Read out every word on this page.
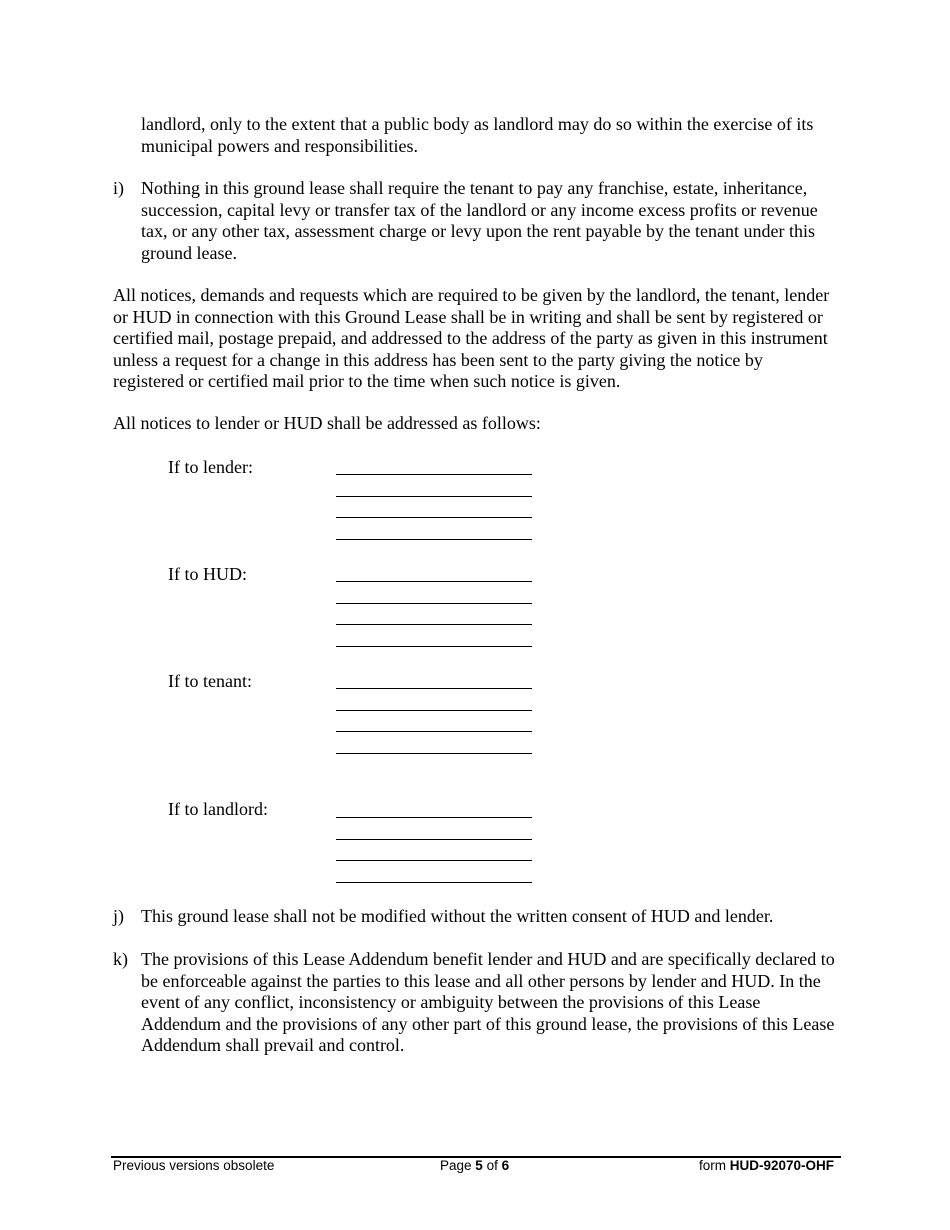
landlord, only to the extent that a public body as landlord may do so within the exercise of its municipal powers and responsibilities.

i) Nothing in this ground lease shall require the tenant to pay any franchise, estate, inheritance, succession, capital levy or transfer tax of the landlord or any income excess profits or revenue tax, or any other tax, assessment charge or levy upon the rent payable by the tenant under this ground lease.

All notices, demands and requests which are required to be given by the landlord, the tenant, lender or HUD in connection with this Ground Lease shall be in writing and shall be sent by registered or certified mail, postage prepaid, and addressed to the address of the party as given in this instrument unless a request for a change in this address has been sent to the party giving the notice by registered or certified mail prior to the time when such notice is given.

All notices to lender or HUD shall be addressed as follows:

If to lender:
If to HUD:
If to tenant:
If to landlord:
j) This ground lease shall not be modified without the written consent of HUD and lender.
k) The provisions of this Lease Addendum benefit lender and HUD and are specifically declared to be enforceable against the parties to this lease and all other persons by lender and HUD. In the event of any conflict, inconsistency or ambiguity between the provisions of this Lease Addendum and the provisions of any other part of this ground lease, the provisions of this Lease Addendum shall prevail and control.
Previous versions obsolete	Page 5 of 6	form HUD-92070-OHF
